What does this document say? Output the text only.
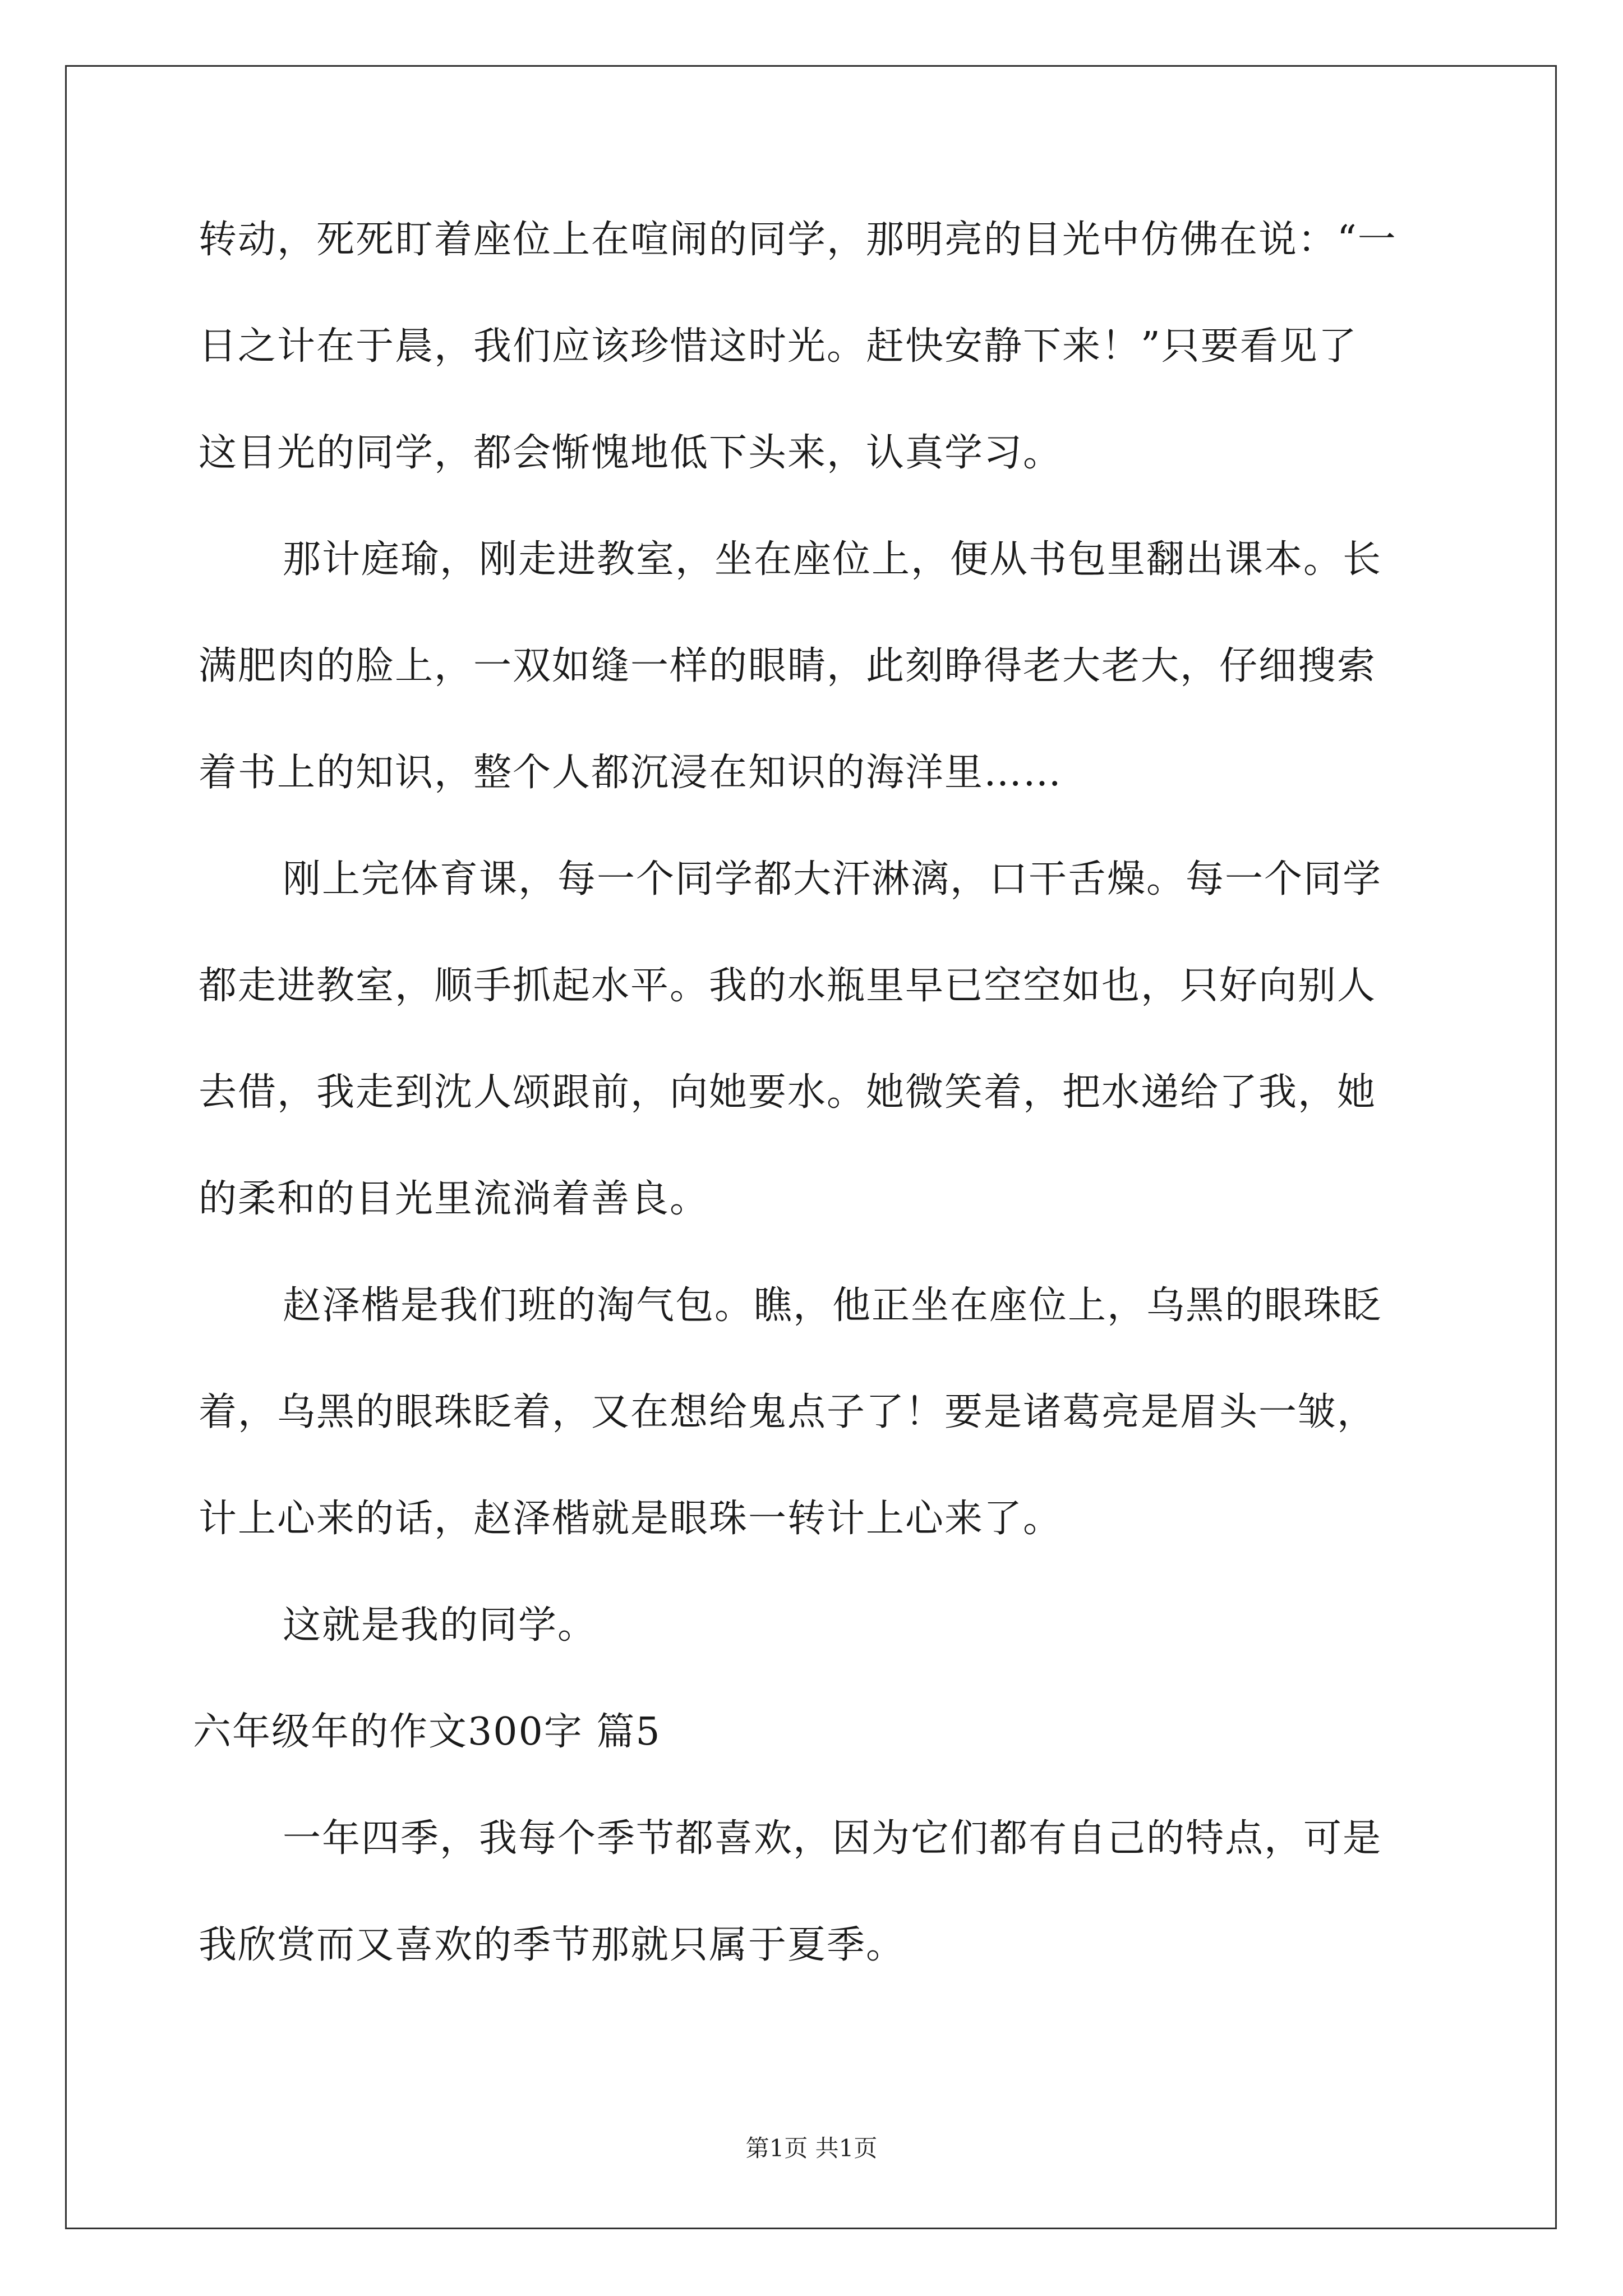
转动，死死盯着座位上在喧闹的同学，那明亮的目光中仿佛在说：“一
日之计在于晨，我们应该珍惜这时光。赶快安静下来！”只要看见了
这目光的同学，都会惭愧地低下头来，认真学习。
那计庭瑜，刚走进教室，坐在座位上，便从书包里翻出课本。长
满肥肉的脸上，一双如缝一样的眼睛，此刻睁得老大老大，仔细搜索
着书上的知识，整个人都沉浸在知识的海洋里……
刚上完体育课，每一个同学都大汗淋漓，口干舌燥。每一个同学
都走进教室，顺手抓起水平。我的水瓶里早已空空如也，只好向别人
去借，我走到沈人颂跟前，向她要水。她微笑着，把水递给了我，她
的柔和的目光里流淌着善良。
赵泽楷是我们班的淘气包。瞧，他正坐在座位上，乌黑的眼珠眨
着，乌黑的眼珠眨着，又在想给鬼点子了！要是诸葛亮是眉头一皱，
计上心来的话，赵泽楷就是眼珠一转计上心来了。
这就是我的同学。
六年级年的作文300字 篇5
一年四季，我每个季节都喜欢，因为它们都有自己的特点，可是
我欣赏而又喜欢的季节那就只属于夏季。
第1页 共1页
